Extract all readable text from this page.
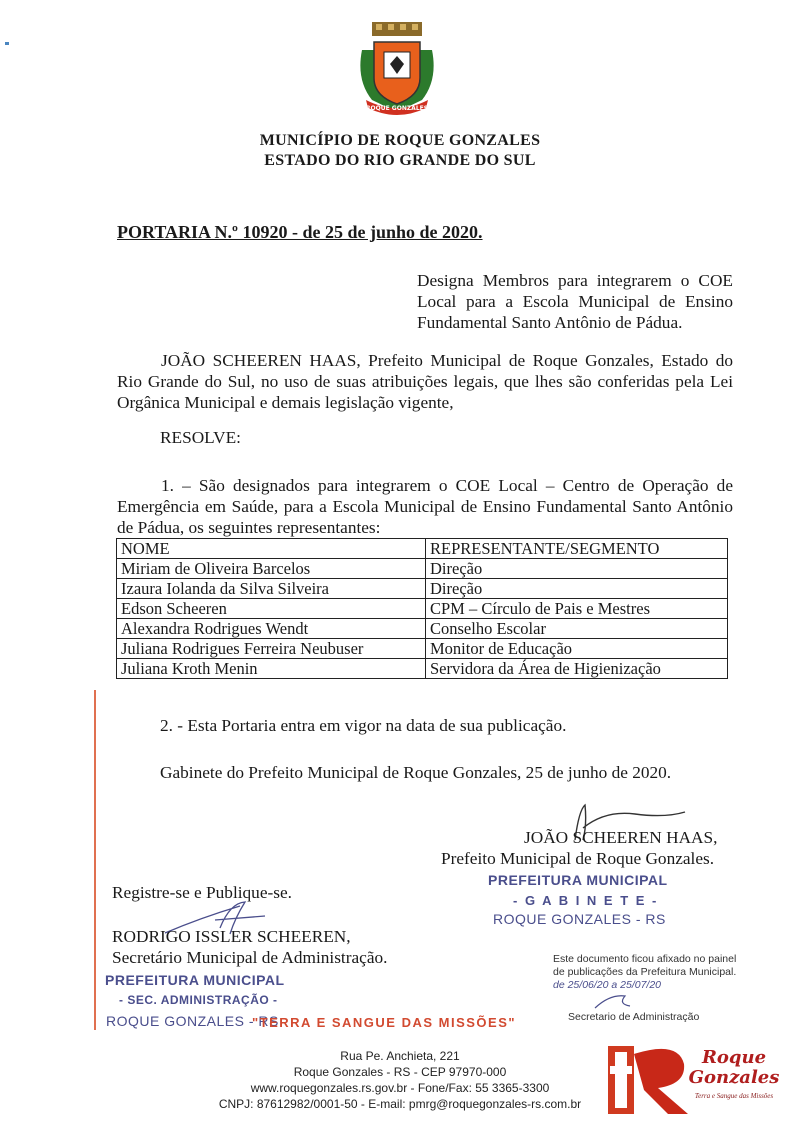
ROQUE GONZALES
MUNICÍPIO DE ROQUE GONZALES
ESTADO DO RIO GRANDE DO SUL
PORTARIA N.º 10920 - de 25 de junho de 2020.
Designa Membros para integrarem o COE Local para a Escola Municipal de Ensino Fundamental Santo Antônio de Pádua.
JOÃO SCHEEREN HAAS, Prefeito Municipal de Roque Gonzales, Estado do Rio Grande do Sul, no uso de suas atribuições legais, que lhes são conferidas pela Lei Orgânica Municipal e demais legislação vigente,
RESOLVE:
1. – São designados para integrarem o COE Local – Centro de Operação de Emergência em Saúde, para a Escola Municipal de Ensino Fundamental Santo Antônio de Pádua, os seguintes representantes:
NOME	REPRESENTANTE/SEGMENTO
Miriam de Oliveira Barcelos	Direção
Izaura Iolanda da Silva Silveira	Direção
Edson Scheeren	CPM – Círculo de Pais e Mestres
Alexandra Rodrigues Wendt	Conselho Escolar
Juliana Rodrigues Ferreira Neubuser	Monitor de Educação
Juliana Kroth Menin	Servidora da Área de Higienização
2. - Esta Portaria entra em vigor na data de sua publicação.
Gabinete do Prefeito Municipal de Roque Gonzales, 25 de junho de 2020.
JOÃO SCHEEREN HAAS,
Prefeito Municipal de Roque Gonzales.
PREFEITURA MUNICIPAL
- G A B I N E T E -
ROQUE GONZALES - RS
Registre-se e Publique-se.
RODRIGO ISSLER SCHEEREN,
Secretário Municipal de Administração.
PREFEITURA MUNICIPAL
- SEC. ADMINISTRAÇÃO -
ROQUE GONZALES - RS
"TERRA E SANGUE DAS MISSÕES"
Este documento ficou afixado no painel de publicações da Prefeitura Municipal.
de 25/06/20 a 25/07/20
Secretario de Administração
Rua Pe. Anchieta, 221
Roque Gonzales - RS - CEP 97970-000
www.roquegonzales.rs.gov.br - Fone/Fax: 55 3365-3300
CNPJ: 87612982/0001-50 - E-mail: pmrg@roquegonzales-rs.com.br
Roque
Gonzales
Terra e Sangue das Missões
